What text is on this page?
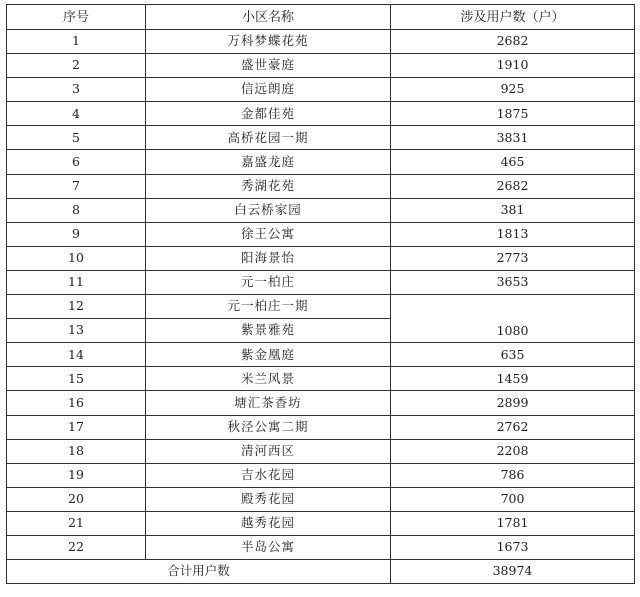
序号	小区名称	涉及用户数（户）
1	万科梦蝶花苑	2682
2	盛世豪庭	1910
3	信远朗庭	925
4	金都佳苑	1875
5	高桥花园一期	3831
6	嘉盛龙庭	465
7	秀湖花苑	2682
8	白云桥家园	381
9	徐王公寓	1813
10	阳海景怡	2773
11	元一柏庄	3653
12	元一柏庄一期	1080
13	紫景雅苑	
14	紫金凰庭	635
15	米兰风景	1459
16	塘汇茶香坊	2899
17	秋泾公寓二期	2762
18	清河西区	2208
19	吉水花园	786
20	殿秀花园	700
21	越秀花园	1781
22	半岛公寓	1673
合计用户数		38974
